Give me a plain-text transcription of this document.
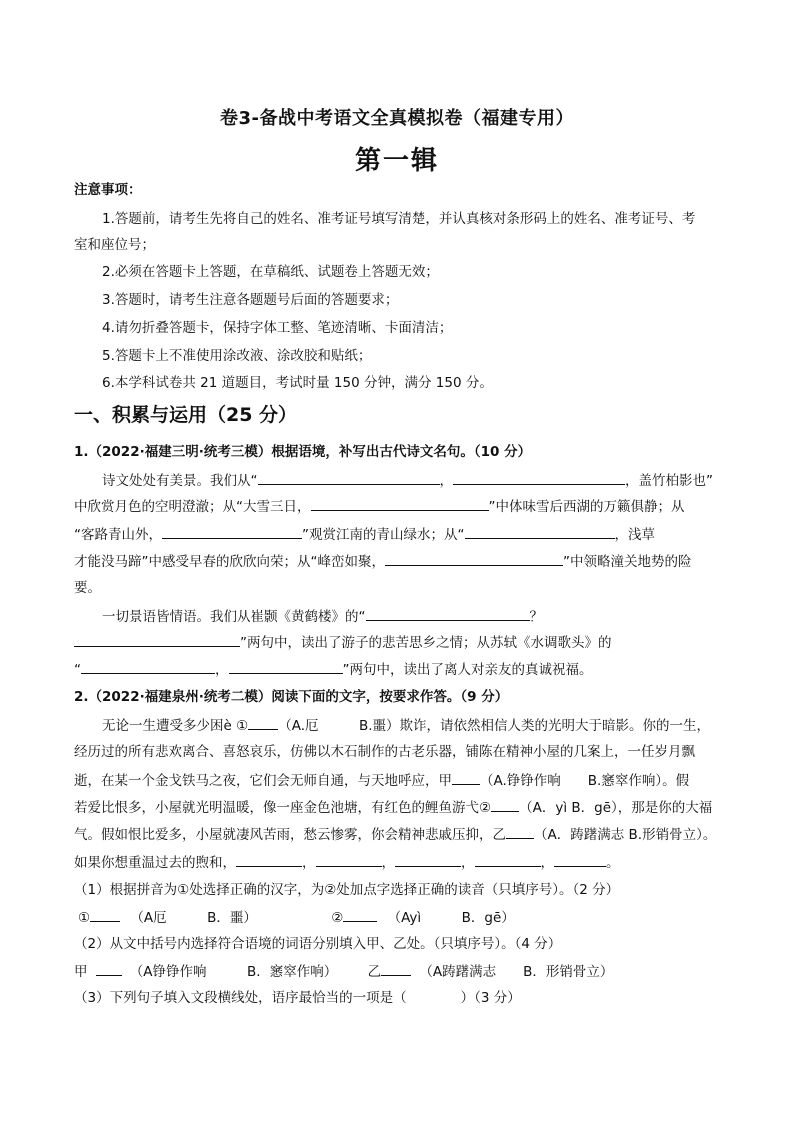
卷3-备战中考语文全真模拟卷（福建专用）
第一辑
注意事项：
1.答题前，请考生先将自己的姓名、准考证号填写清楚，并认真核对条形码上的姓名、准考证号、考
室和座位号；
2.必须在答题卡上答题，在草稿纸、试题卷上答题无效；
3.答题时，请考生注意各题题号后面的答题要求；
4.请勿折叠答题卡，保持字体工整、笔迹清晰、卡面清洁；
5.答题卡上不准使用涂改液、涂改胶和贴纸；
6.本学科试卷共 21 道题目，考试时量 150 分钟，满分 150 分。
一、积累与运用（25 分）
1.（2022·福建三明·统考三模）根据语境，补写出古代诗文名句。（10 分）
诗文处处有美景。我们从“	，	，盖竹柏影也”
中欣赏月色的空明澄澈；从“大雪三日，	”中体味雪后西湖的万籁俱静；从
“客路青山外，	”观赏江南的青山绿水；从“	，浅草
才能没马蹄”中感受早春的欣欣向荣；从“峰峦如聚，	”中领略潼关地势的险
要。
一切景语皆情语。我们从崔颢《黄鹤楼》的“	？
”两句中，读出了游子的悲苦思乡之情；从苏轼《水调歌头》的
“	，	”两句中，读出了离人对亲友的真诚祝福。
2.（2022·福建泉州·统考二模）阅读下面的文字，按要求作答。（9 分）
无论一生遭受多少困è ① （A.厄　　　B.噩）欺诈，请依然相信人类的光明大于暗影。你的一生，
经历过的所有悲欢离合、喜怒哀乐，仿佛以木石制作的古老乐器，铺陈在精神小屋的几案上，一任岁月飘
逝，在某一个金戈铁马之夜，它们会无师自通，与天地呼应，甲 （A.铮铮作响　　B.窸窣作响）。假
若爱比恨多，小屋就光明温暖，像一座金色池塘，有红色的鲤鱼游弋② （A．yì B．gē），那是你的大福
气。假如恨比爱多，小屋就凄风苦雨，愁云惨雾，你会精神悲戚压抑，乙 （A．踌躇满志 B.形销骨立）。
如果你想重温过去的煦和，	，	，	，	，	。
（1）根据拼音为①处选择正确的汉字，为②处加点字选择正确的读音（只填序号）。（2 分）
①	（A厄　　　B．噩）	②	（Ayì　　　B．gē）
（2）从文中括号内选择符合语境的词语分别填入甲、乙处。（只填序号）。（4 分）
甲	（A铮铮作响　　　B．窸窣作响） 乙	（A踌躇满志　　B．形销骨立）
（3）下列句子填入文段横线处，语序最恰当的一项是（　　　　）（3 分）
